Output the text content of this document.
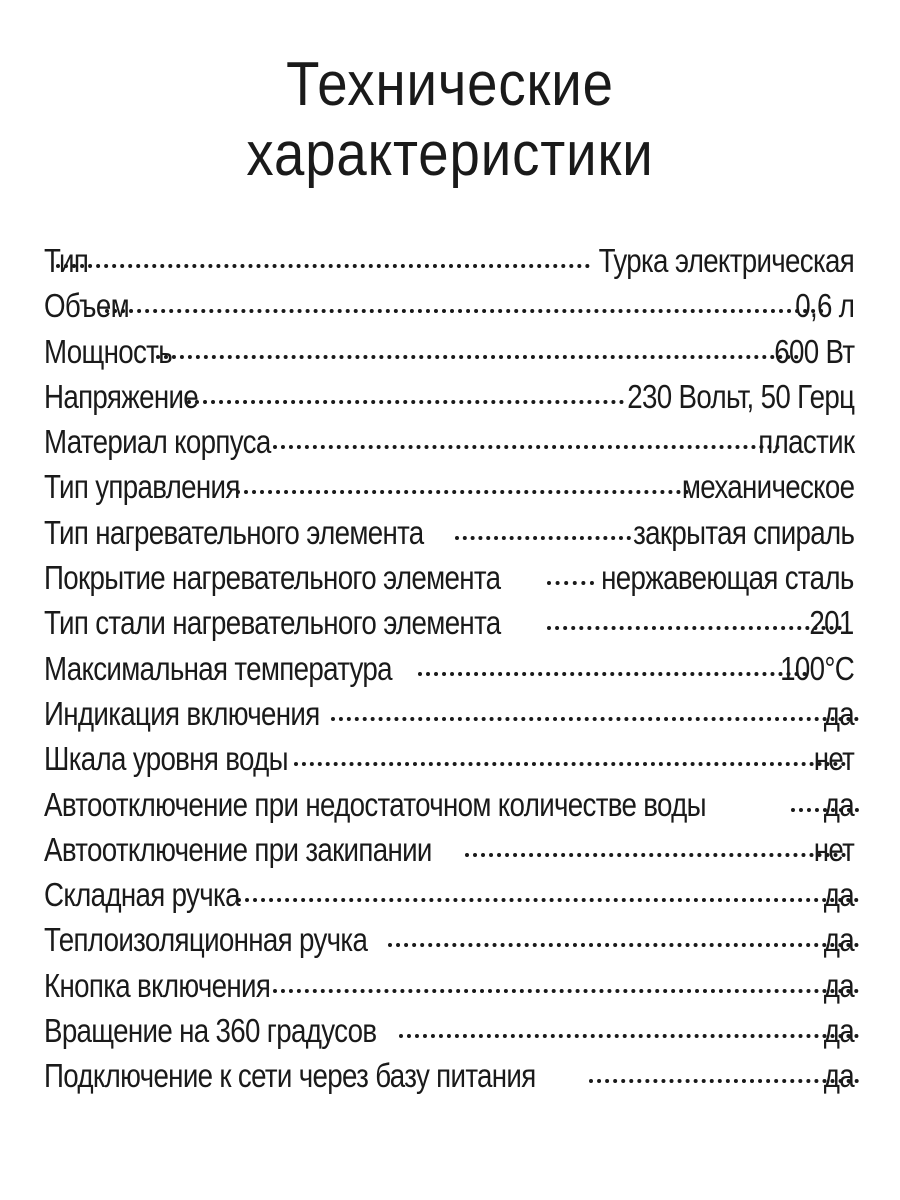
Технические
характеристики
Тип	Турка электрическая
Объем	0,6 л
Мощность	600 Вт
Напряжение	230 Вольт, 50 Герц
Материал корпуса	пластик
Тип управления	механическое
Тип нагревательного элемента	закрытая спираль
Покрытие нагревательного элемента	нержавеющая сталь
Тип стали нагревательного элемента	201
Максимальная температура	100°С
Индикация включения	да
Шкала уровня воды	нет
Автоотключение при недостаточном количестве воды	да
Автоотключение при закипании	нет
Складная ручка	да
Теплоизоляционная ручка	да
Кнопка включения	да
Вращение на 360 градусов	да
Подключение к сети через базу питания	да
